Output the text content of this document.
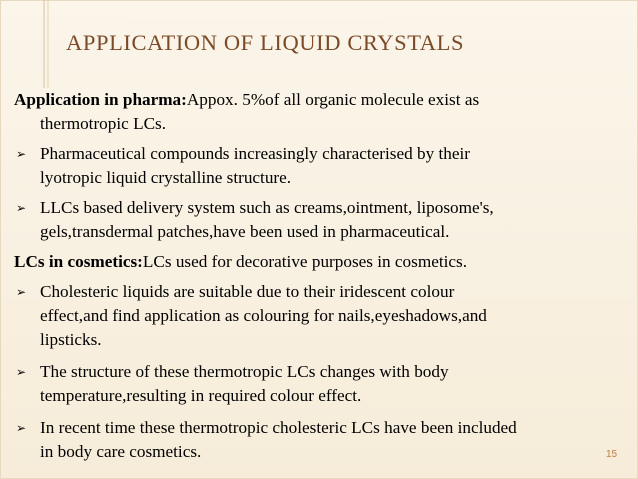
APPLICATION OF LIQUID CRYSTALS
Application in pharma:Appox. 5%of all organic molecule exist as
thermotropic LCs.
➢ Pharmaceutical compounds increasingly characterised by their
lyotropic liquid crystalline structure.
➢ LLCs based delivery system such as creams,ointment, liposome's,
gels,transdermal patches,have been used in pharmaceutical.
LCs in cosmetics:LCs used for decorative purposes in cosmetics.
➢ Cholesteric liquids are suitable due to their iridescent colour
effect,and find application as colouring for nails,eyeshadows,and
lipsticks.
➢ The structure of these thermotropic LCs changes with body
temperature,resulting in required colour effect.
➢ In recent time these thermotropic cholesteric LCs have been included
in body care cosmetics.	15
